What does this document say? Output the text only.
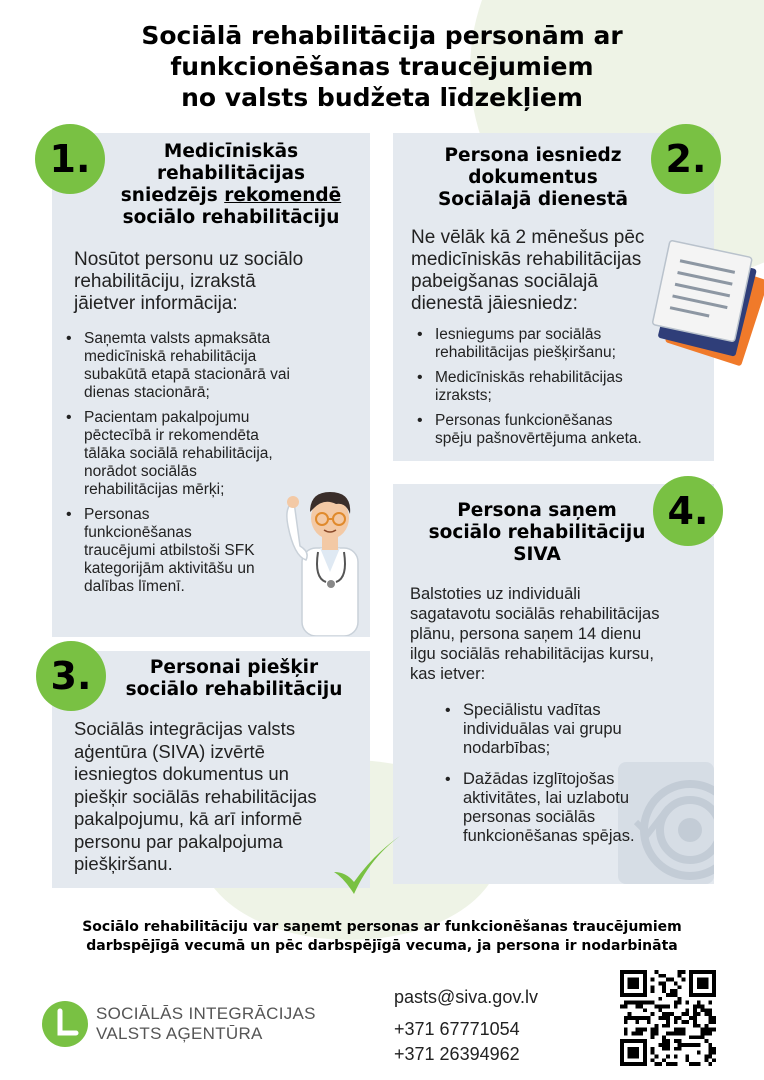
Sociālā rehabilitācija personām ar
funkcionēšanas traucējumiem
no valsts budžeta līdzekļiem
1.	Medicīniskās
rehabilitācijas
sniedzējs rekomendē
sociālo rehabilitāciju
Nosūtot personu uz sociālo
rehabilitāciju, izrakstā
jāietver informācija:
• Saņemta valsts apmaksāta
medicīniskā rehabilitācija
subakūtā etapā stacionārā vai
dienas stacionārā;
• Pacientam pakalpojumu
pēctecībā ir rekomendēta
tālāka sociālā rehabilitācija,
norādot sociālās
rehabilitācijas mērķi;
• Personas
funkcionēšanas
traucējumi atbilstoši SFK
kategorijām aktivitāšu un
dalības līmenī.
2.
Persona iesniedz
dokumentus
Sociālajā dienestā
Ne vēlāk kā 2 mēnešus pēc
medicīniskās rehabilitācijas
pabeigšanas sociālajā
dienestā jāiesniedz:
• Iesniegums par sociālās
rehabilitācijas piešķiršanu;
• Medicīniskās rehabilitācijas
izraksts;
• Personas funkcionēšanas
spēju pašnovērtējuma anketa.
4.
Persona saņem
sociālo rehabilitāciju
SIVA
Balstoties uz individuāli
sagatavotu sociālās rehabilitācijas
plānu, persona saņem 14 dienu
ilgu sociālās rehabilitācijas kursu,
kas ietver:
• Speciālistu vadītas
individuālas vai grupu
nodarbības;
• Dažādas izglītojošas
aktivitātes, lai uzlabotu
personas sociālās
funkcionēšanas spējas.
3.	Personai piešķir
sociālo rehabilitāciju
Sociālās integrācijas valsts
aģentūra (SIVA) izvērtē
iesniegtos dokumentus un
piešķir sociālās rehabilitācijas
pakalpojumu, kā arī informē
personu par pakalpojuma
piešķiršanu.
Sociālo rehabilitāciju var saņemt personas ar funkcionēšanas traucējumiem
darbspējīgā vecumā un pēc darbspējīgā vecuma, ja persona ir nodarbināta
SOCIĀLĀS INTEGRĀCIJAS
VALSTS AĢENTŪRA
pasts@siva.gov.lv
+371 67771054
+371 26394962
